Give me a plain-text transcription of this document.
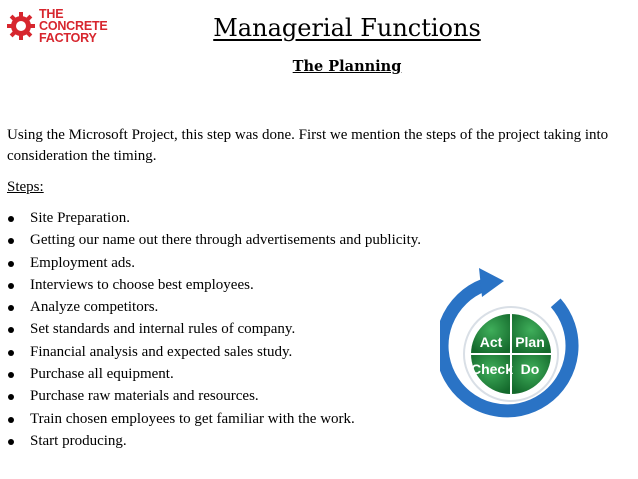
THE
CONCRETE
FACTORY	Managerial Functions
The Planning

Using the Microsoft Project, this step was done. First we mention the steps of the project taking into consideration the timing.

Steps:

Site Preparation.
Getting our name out there through advertisements and publicity.
Employment ads.
Interviews to choose best employees.
Analyze competitors.
Set standards and internal rules of company.
Financial analysis and expected sales study.
Purchase all equipment.
Purchase raw materials and resources.
Train chosen employees to get familiar with the work.
Start producing.
Act Plan
Check Do
